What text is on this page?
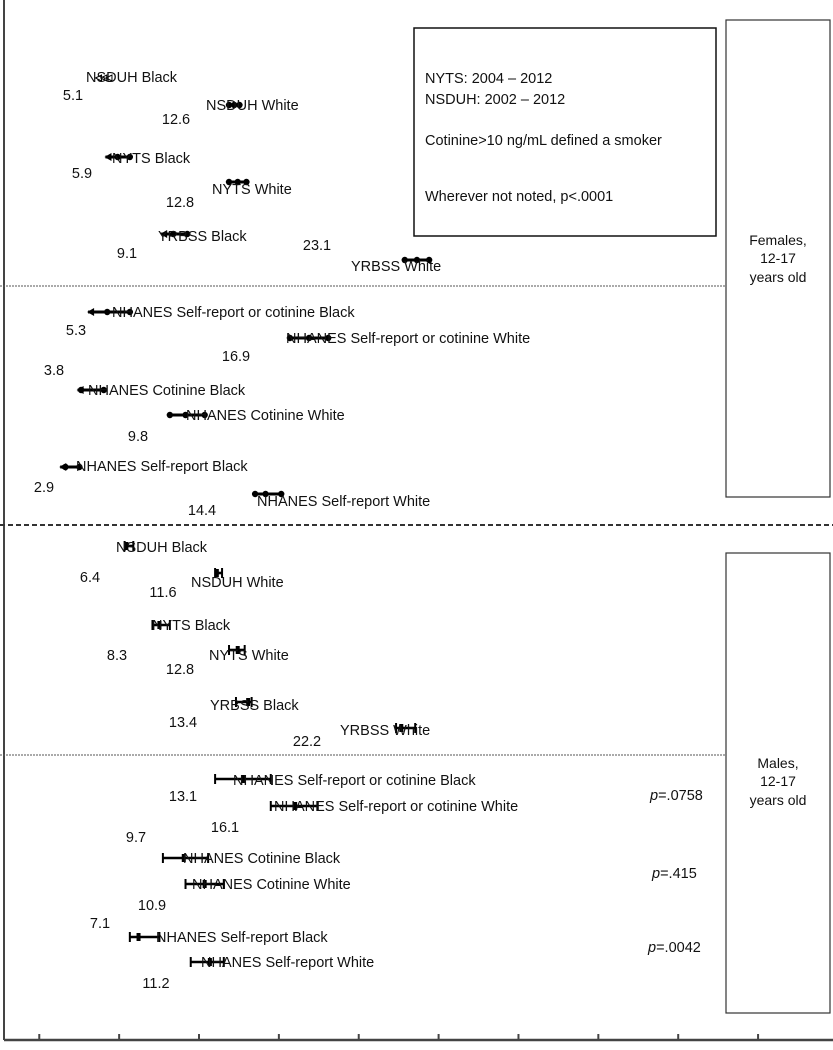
NYTS: 2004 – 2012
NSDUH: 2002 – 2012
Cotinine>10 ng/mL defined a smoker
Wherever not noted, p<.0001
Females,
12-17
years old
Males,
12-17
years old
p=.0758
p=.415
p=.0042
NSDUH Black
5.1
NSDUH White
12.6
NYTS Black
5.9
NYTS White
12.8
YRBSS Black
9.1
YRBSS White
23.1
NHANES Self-report or cotinine Black
5.3	NHANES Self-report or cotinine White
16.9
NHANES Cotinine Black
3.8
NHANES Cotinine White
9.8
NHANES Self-report Black
2.9
NHANES Self-report White
14.4
NSDUH Black
6.4	NSDUH White
11.6
NYTS Black
8.3	NYTS White
12.8
YRBSS Black
13.4	YRBSS White
22.2
NHANES Self-report or cotinine Black
13.1
NHANES Self-report or cotinine White
16.1
NHANES Cotinine Black
9.7
NHANES Cotinine White
10.9
NHANES Self-report Black
7.1
NHANES Self-report White
11.2
